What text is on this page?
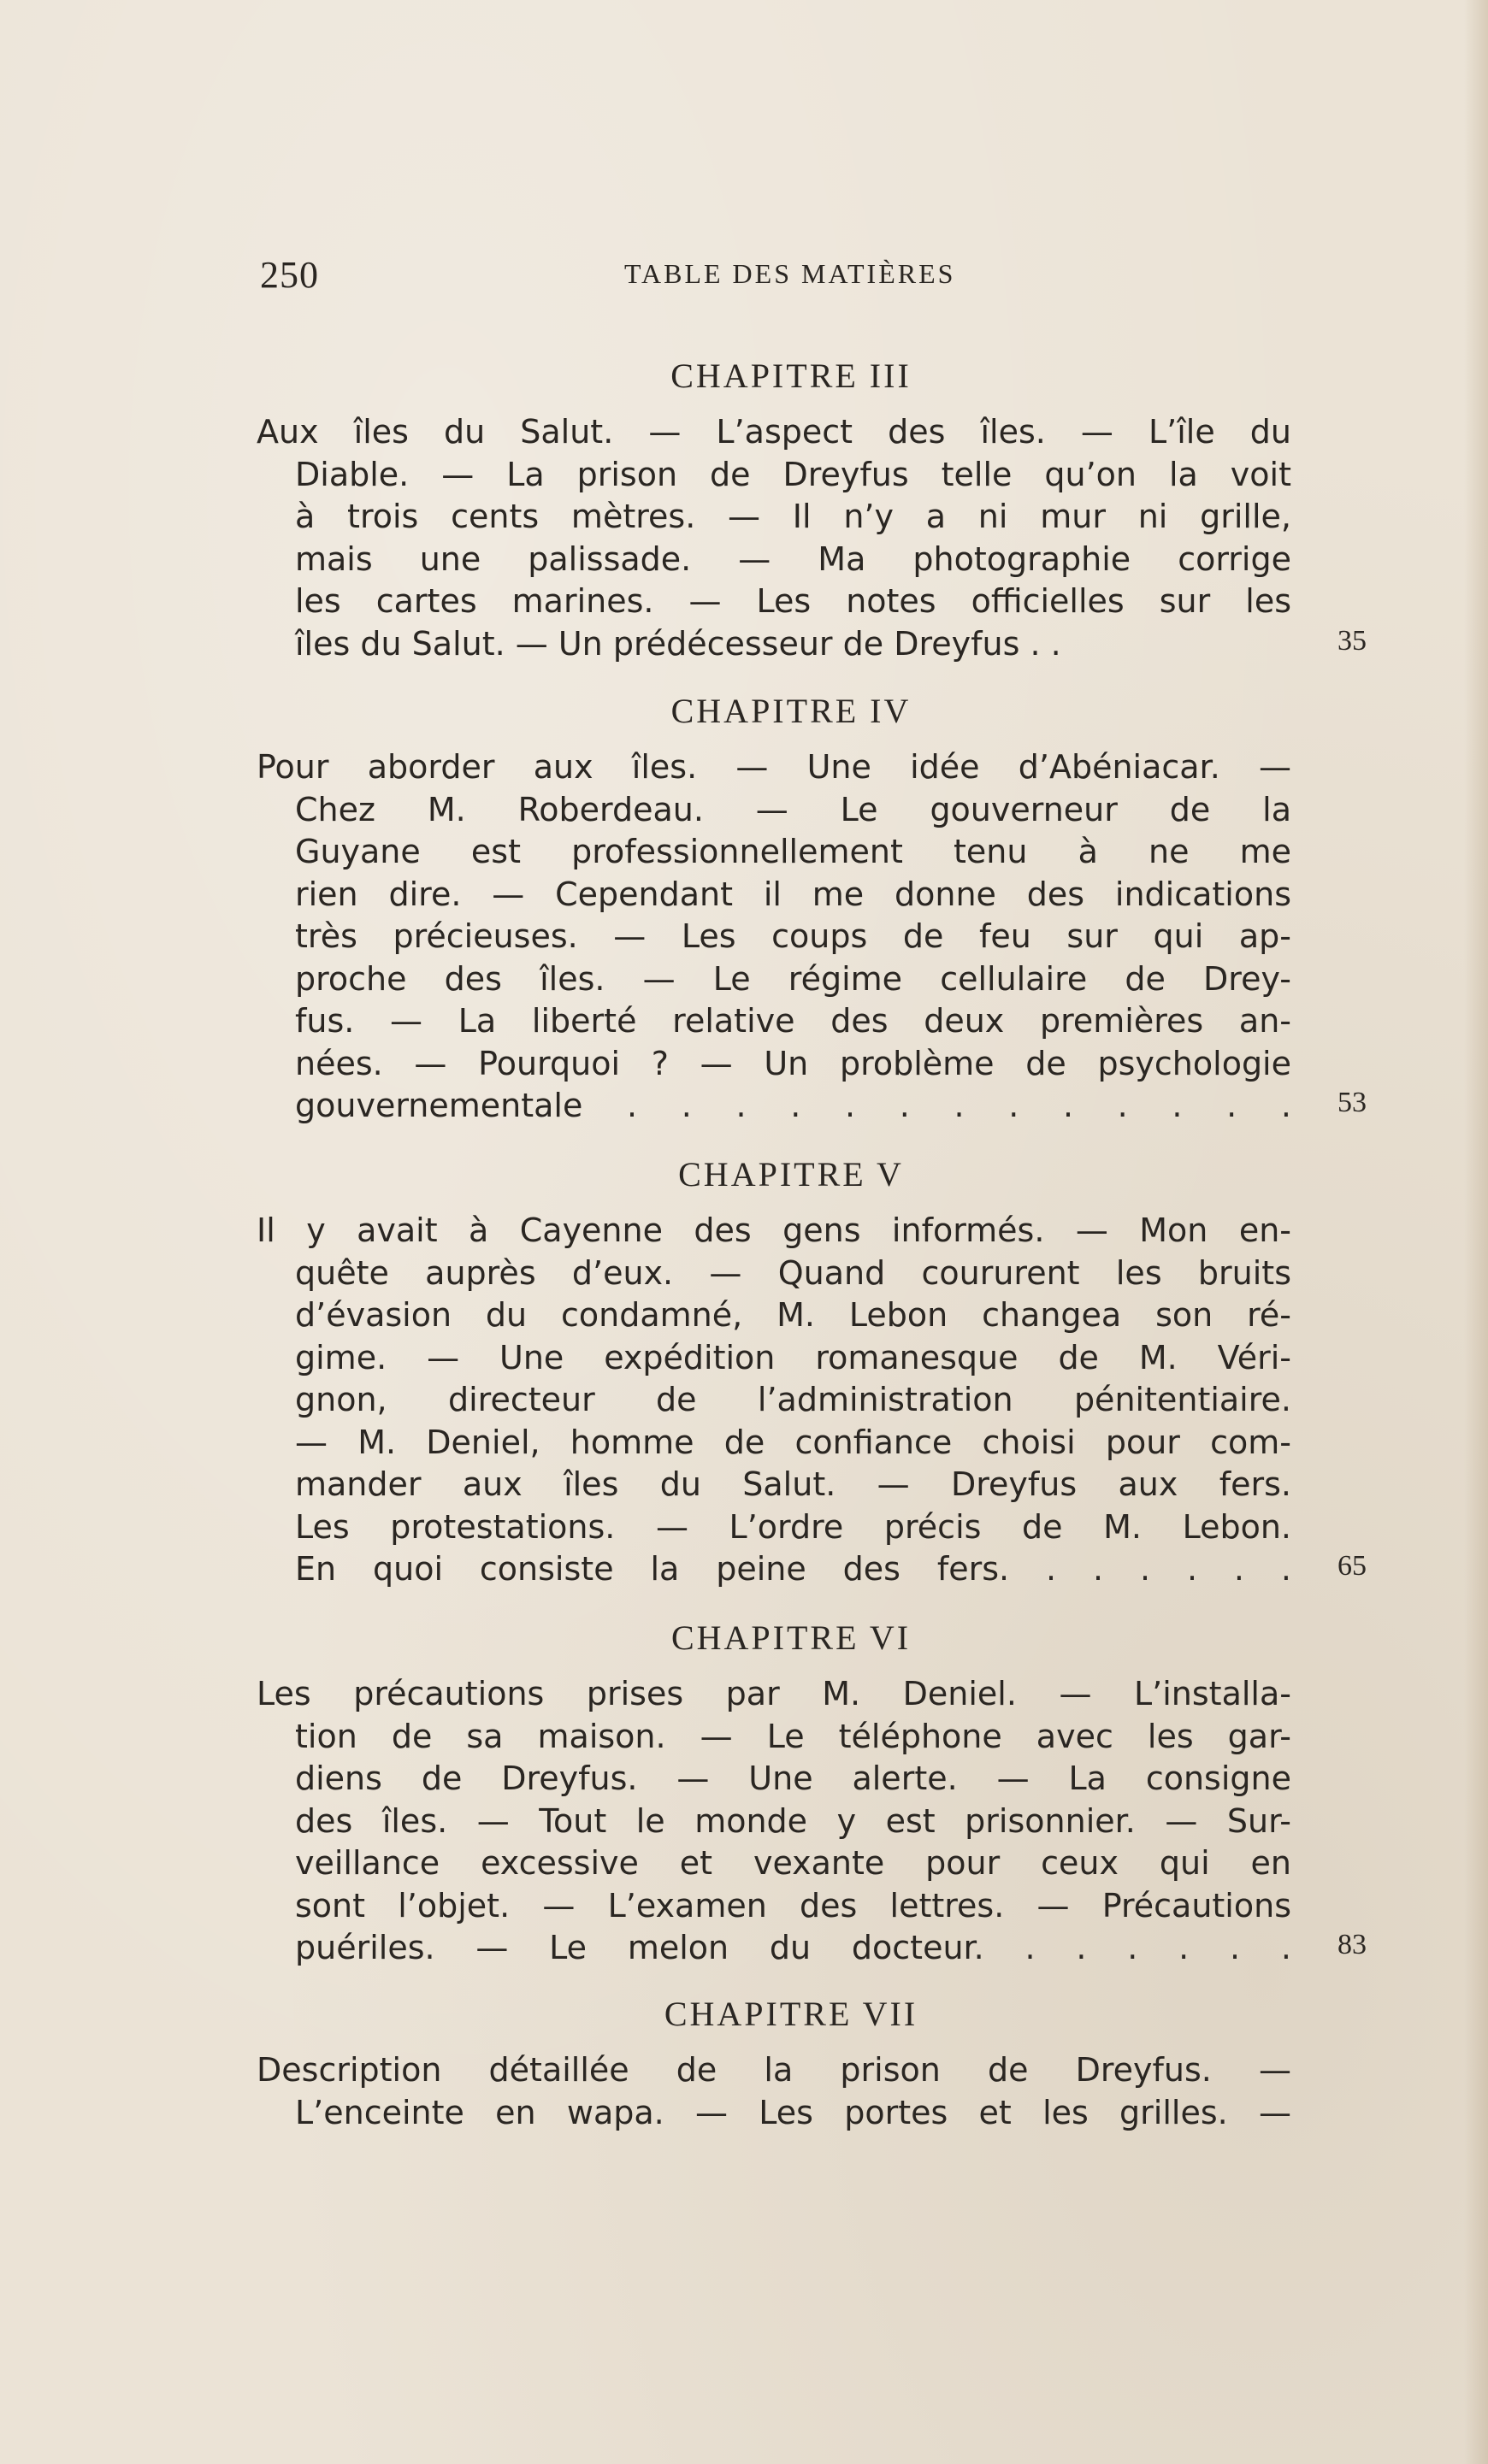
250	TABLE DES MATIÈRES
CHAPITRE III
Aux îles du Salut. — L’aspect des îles. — L’île du
Diable. — La prison de Dreyfus telle qu’on la voit
à trois cents mètres. — Il n’y a ni mur ni grille,
mais une palissade. — Ma photographie corrige
les cartes marines. — Les notes officielles sur les
îles du Salut. — Un prédécesseur de Dreyfus . .	35
CHAPITRE IV
Pour aborder aux îles. — Une idée d’Abéniacar. —
Chez M. Roberdeau. — Le gouverneur de la
Guyane est professionnellement tenu à ne me
rien dire. — Cependant il me donne des indications
très précieuses. — Les coups de feu sur qui ap-
proche des îles. — Le régime cellulaire de Drey-
fus. — La liberté relative des deux premières an-
nées. — Pourquoi ? — Un problème de psychologie
gouvernementale . . . . . . . . . . . . . 53
CHAPITRE V
Il y avait à Cayenne des gens informés. — Mon en-
quête auprès d’eux. — Quand coururent les bruits
d’évasion du condamné, M. Lebon changea son ré-
gime. — Une expédition romanesque de M. Véri-
gnon, directeur de l’administration pénitentiaire.
— M. Deniel, homme de confiance choisi pour com-
mander aux îles du Salut. — Dreyfus aux fers.
Les protestations. — L’ordre précis de M. Lebon.
En quoi consiste la peine des fers. . . . . . . 65
CHAPITRE VI
Les précautions prises par M. Deniel. — L’installa-
tion de sa maison. — Le téléphone avec les gar-
diens de Dreyfus. — Une alerte. — La consigne
des îles. — Tout le monde y est prisonnier. — Sur-
veillance excessive et vexante pour ceux qui en
sont l’objet. — L’examen des lettres. — Précautions
puériles. — Le melon du docteur. . . . . . . 83
CHAPITRE VII
Description détaillée de la prison de Dreyfus. —
L’enceinte en wapa. — Les portes et les grilles. —
